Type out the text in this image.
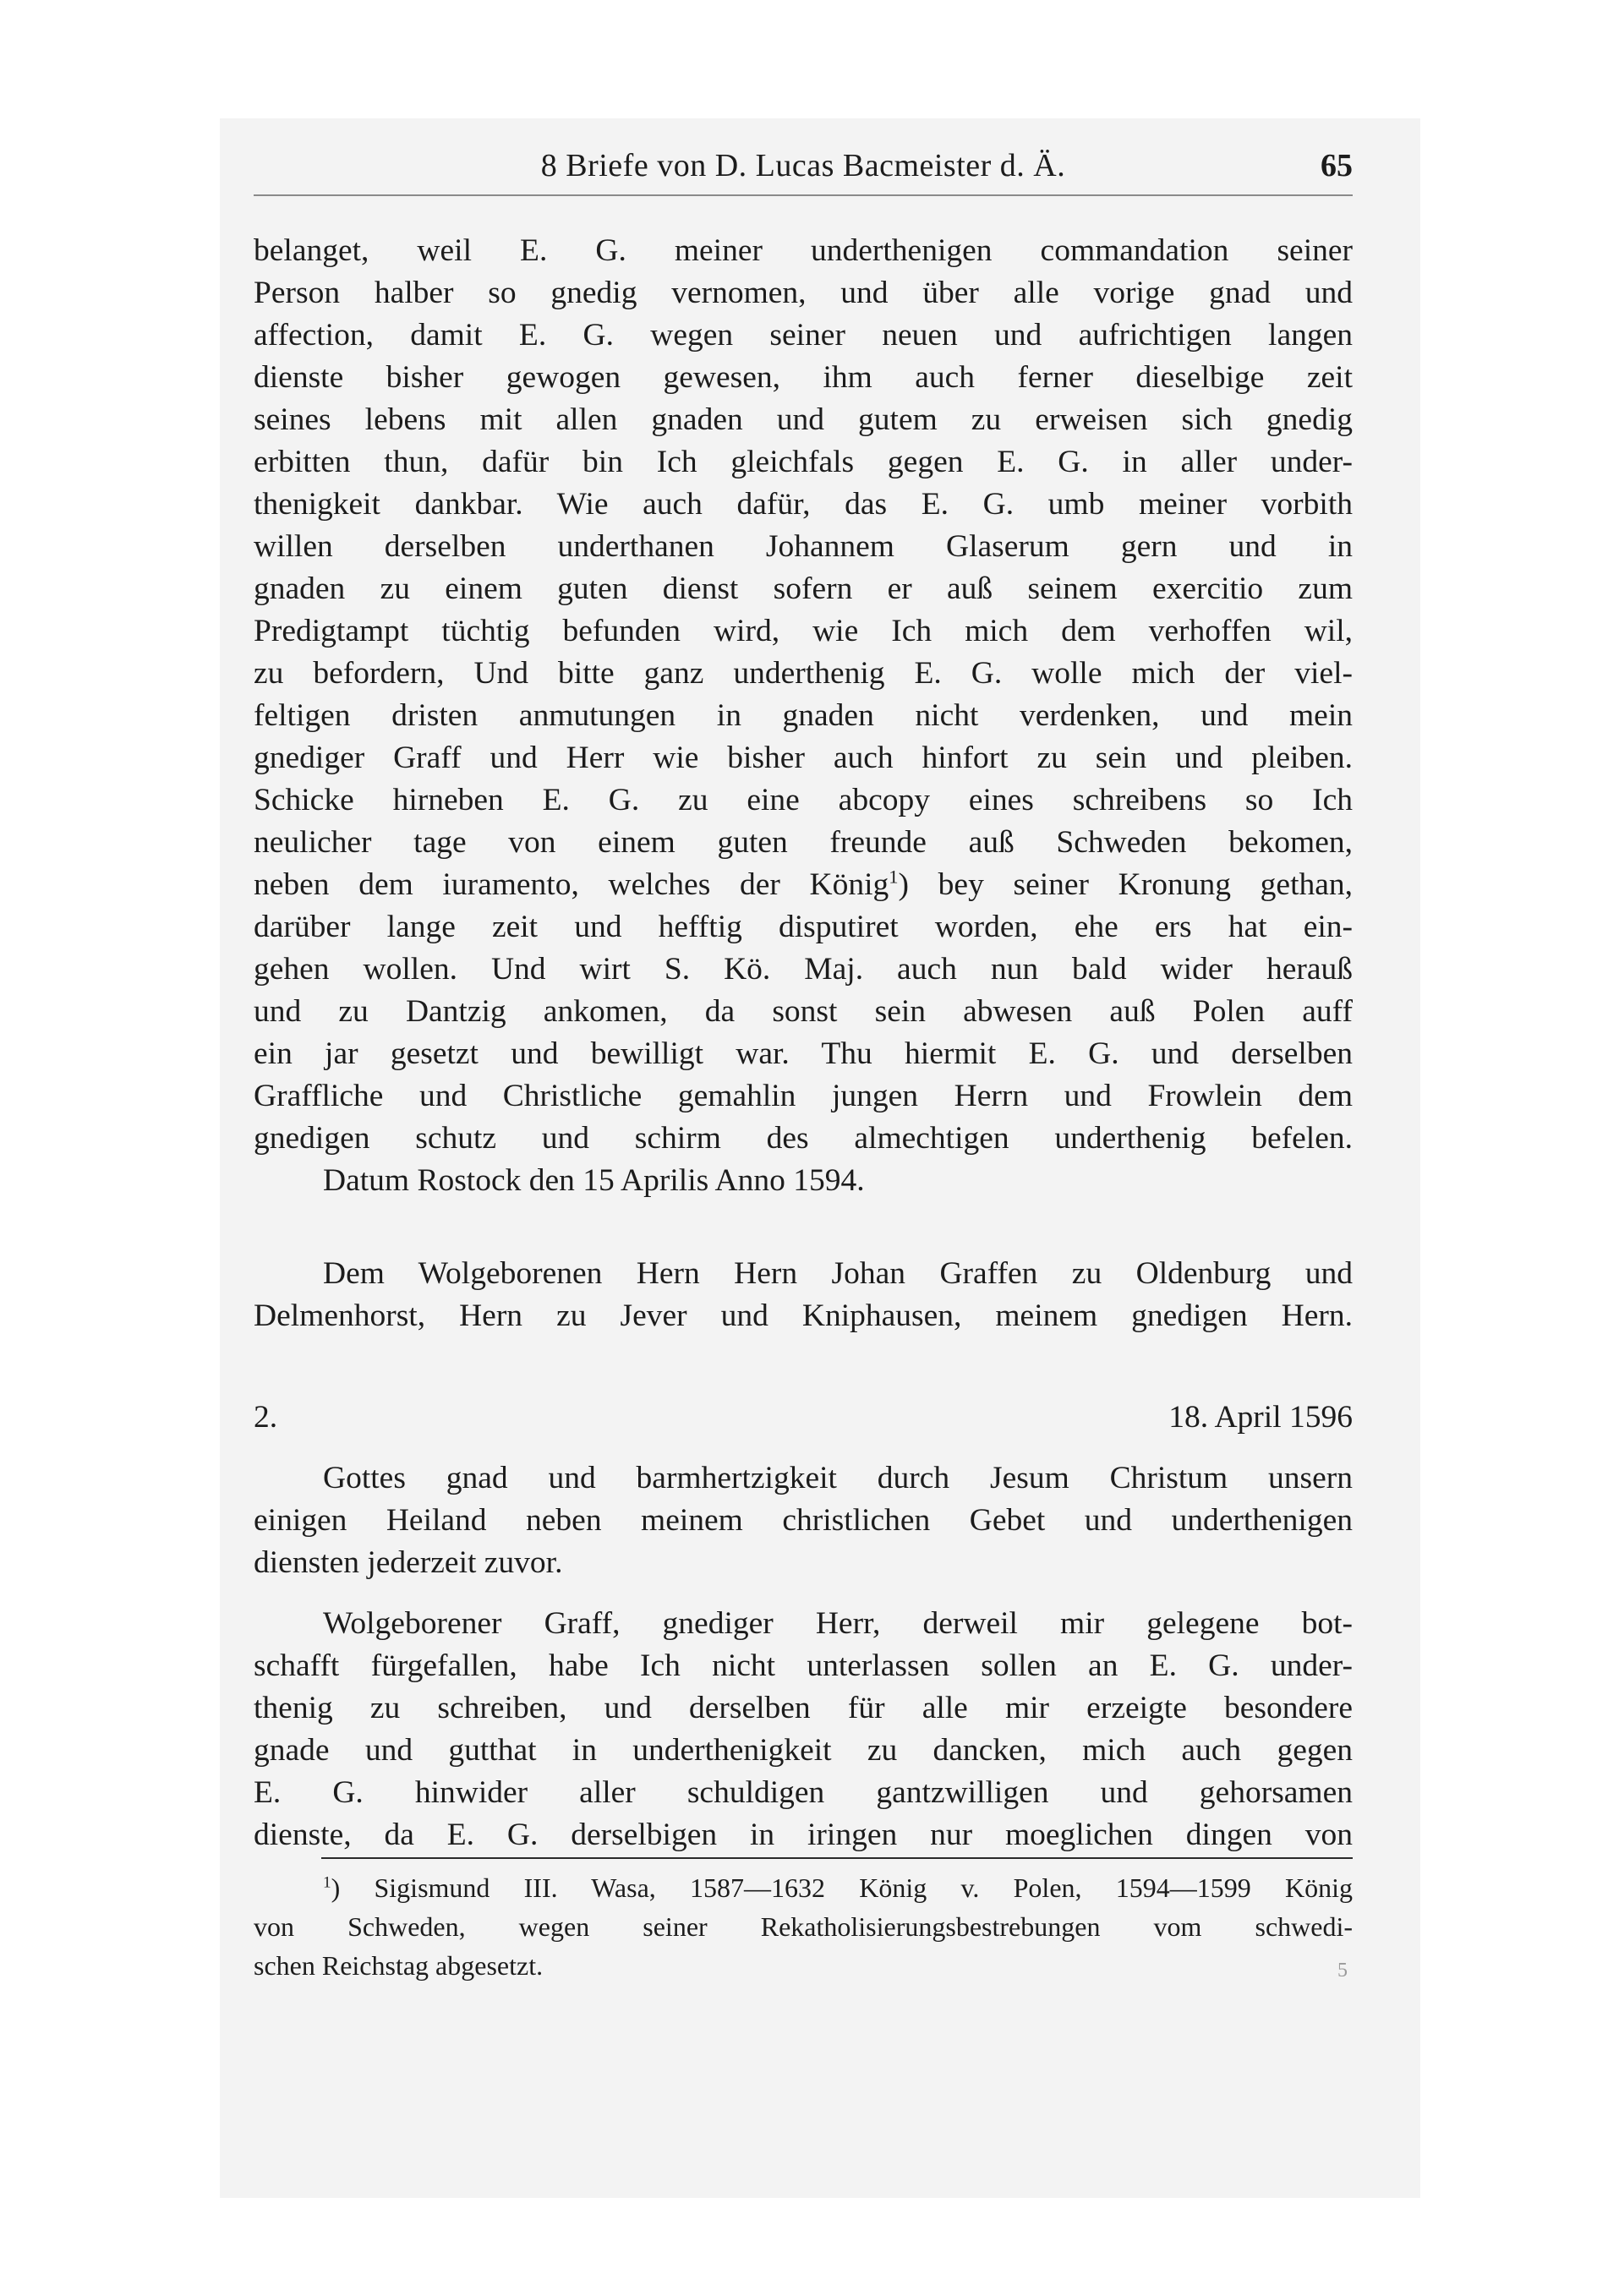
8 Briefe von D. Lucas Bacmeister d. Ä.	65
belanget, weil E. G. meiner underthenigen commandation seiner
Person halber so gnedig vernomen, und über alle vorige gnad und
affection, damit E. G. wegen seiner neuen und aufrichtigen langen
dienste bisher gewogen gewesen, ihm auch ferner dieselbige zeit
seines lebens mit allen gnaden und gutem zu erweisen sich gnedig
erbitten thun, dafür bin Ich gleichfals gegen E. G. in aller under-
thenigkeit dankbar. Wie auch dafür, das E. G. umb meiner vorbith
willen derselben underthanen Johannem Glaserum gern und in
gnaden zu einem guten dienst sofern er auß seinem exercitio zum
Predigtampt tüchtig befunden wird, wie Ich mich dem verhoffen wil,
zu befordern, Und bitte ganz underthenig E. G. wolle mich der viel-
feltigen dristen anmutungen in gnaden nicht verdenken, und mein
gnediger Graff und Herr wie bisher auch hinfort zu sein und pleiben.
Schicke hirneben E. G. zu eine abcopy eines schreibens so Ich
neulicher tage von einem guten freunde auß Schweden bekomen,
neben dem iuramento, welches der König$^1$) bey seiner Kronung gethan,
darüber lange zeit und hefftig disputiret worden, ehe ers hat ein-
gehen wollen. Und wirt S. Kö. Maj. auch nun bald wider herauß
und zu Dantzig ankomen, da sonst sein abwesen auß Polen auff
ein jar gesetzt und bewilligt war. Thu hiermit E. G. und derselben
Graffliche und Christliche gemahlin jungen Herrn und Frowlein dem
gnedigen schutz und schirm des almechtigen underthenig befelen.
Datum Rostock den 15 Aprilis Anno 1594.
Dem Wolgeborenen Hern Hern Johan Graffen zu Oldenburg und
Delmenhorst, Hern zu Jever und Kniphausen, meinem gnedigen Hern.
2.	18. April 1596
Gottes gnad und barmhertzigkeit durch Jesum Christum unsern
einigen Heiland neben meinem christlichen Gebet und underthenigen
diensten jederzeit zuvor.
Wolgeborener Graff, gnediger Herr, derweil mir gelegene bot-
schafft fürgefallen, habe Ich nicht unterlassen sollen an E. G. under-
thenig zu schreiben, und derselben für alle mir erzeigte besondere
gnade und gutthat in underthenigkeit zu dancken, mich auch gegen
E. G. hinwider aller schuldigen gantzwilligen und gehorsamen
dienste, da E. G. derselbigen in iringen nur moeglichen dingen von
$^1$) Sigismund III. Wasa, 1587—1632 König v. Polen, 1594—1599 König
von Schweden, wegen seiner Rekatholisierungsbestrebungen vom schwedi-
schen Reichstag abgesetzt.	5
